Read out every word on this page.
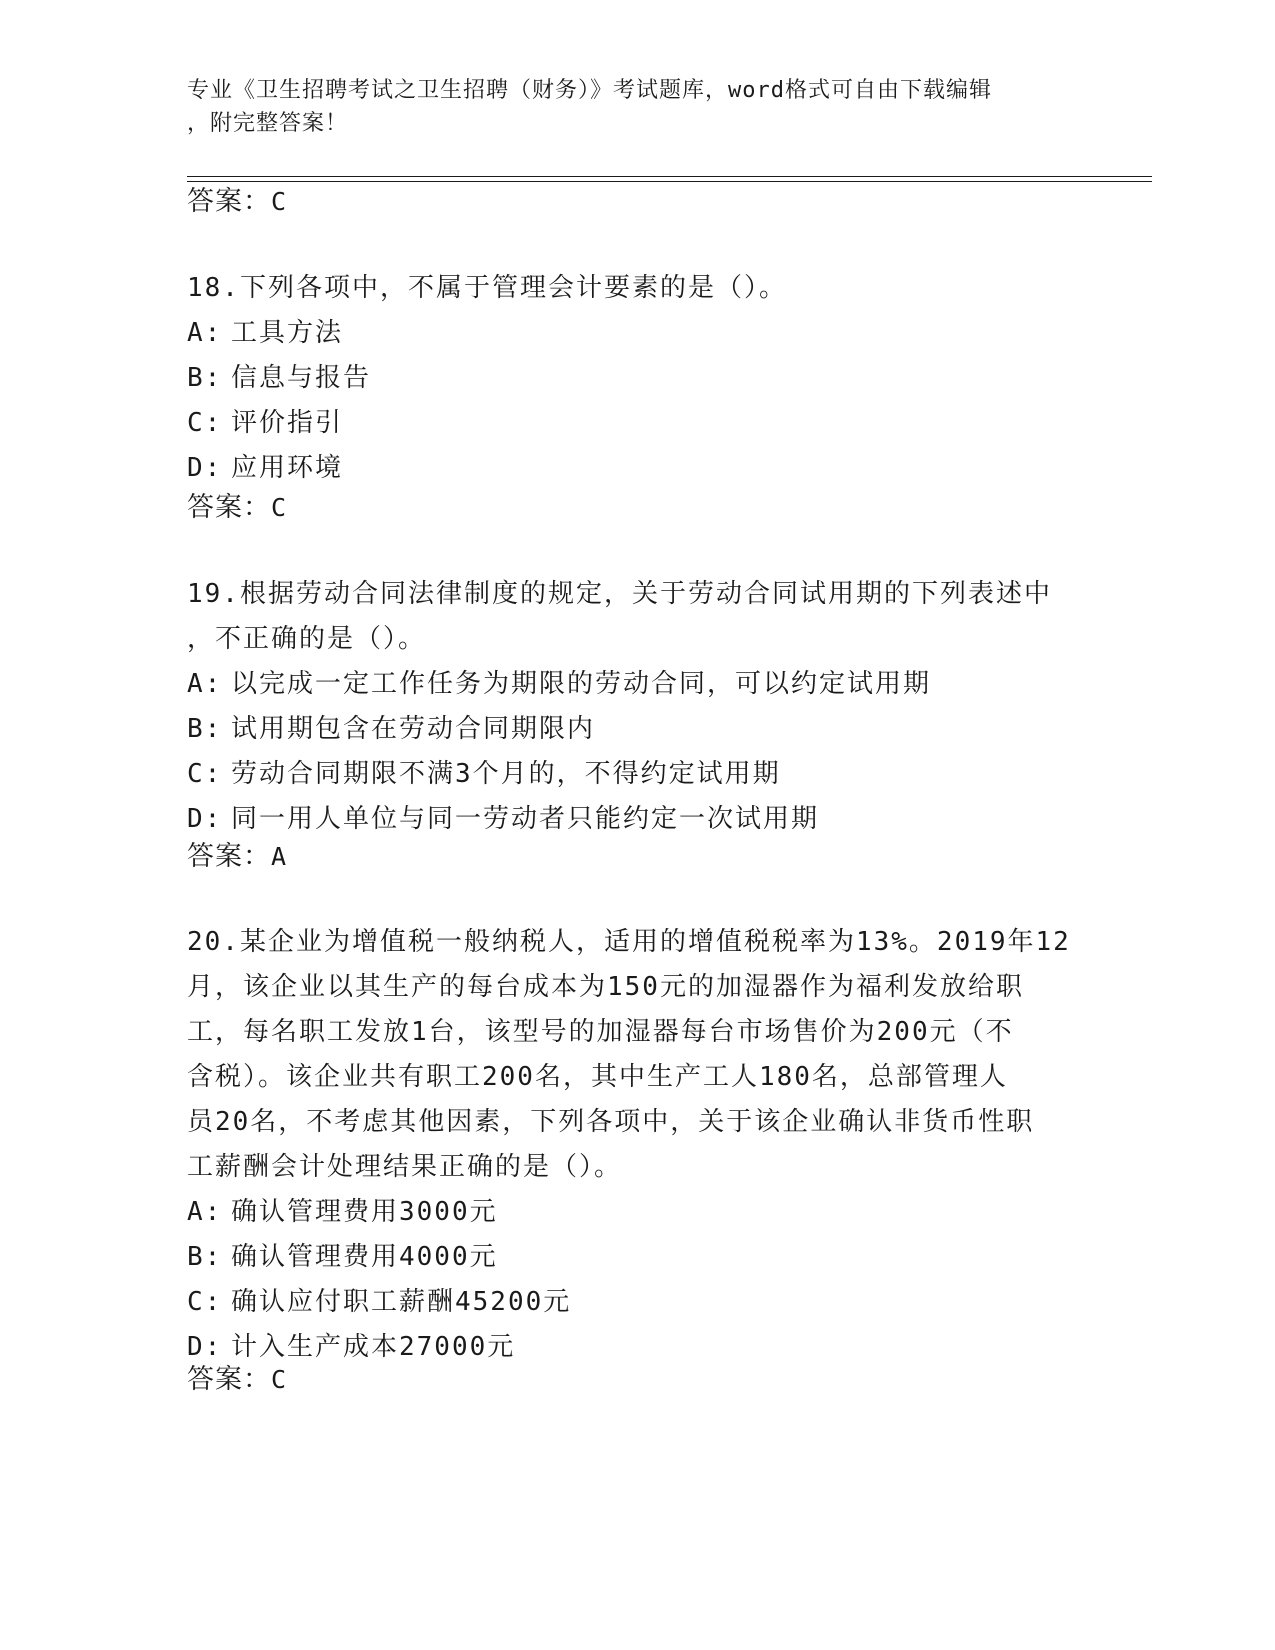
专业《卫生招聘考试之卫生招聘（财务）》考试题库，word格式可自由下载编辑
，附完整答案！
答案：C

18.下列各项中，不属于管理会计要素的是（）。

A: 工具方法

B: 信息与报告

C: 评价指引

D: 应用环境

答案：C

19.根据劳动合同法律制度的规定，关于劳动合同试用期的下列表述中

，不正确的是（）。

A: 以完成一定工作任务为期限的劳动合同，可以约定试用期

B: 试用期包含在劳动合同期限内

C: 劳动合同期限不满3个月的，不得约定试用期

D: 同一用人单位与同一劳动者只能约定一次试用期

答案：A

20.某企业为增值税一般纳税人，适用的增值税税率为13%。2019年12

月，该企业以其生产的每台成本为150元的加湿器作为福利发放给职

工，每名职工发放1台，该型号的加湿器每台市场售价为200元（不

含税）。该企业共有职工200名，其中生产工人180名，总部管理人

员20名，不考虑其他因素，下列各项中，关于该企业确认非货币性职

工薪酬会计处理结果正确的是（）。

A: 确认管理费用3000元

B: 确认管理费用4000元

C: 确认应付职工薪酬45200元

D: 计入生产成本27000元

答案：C
